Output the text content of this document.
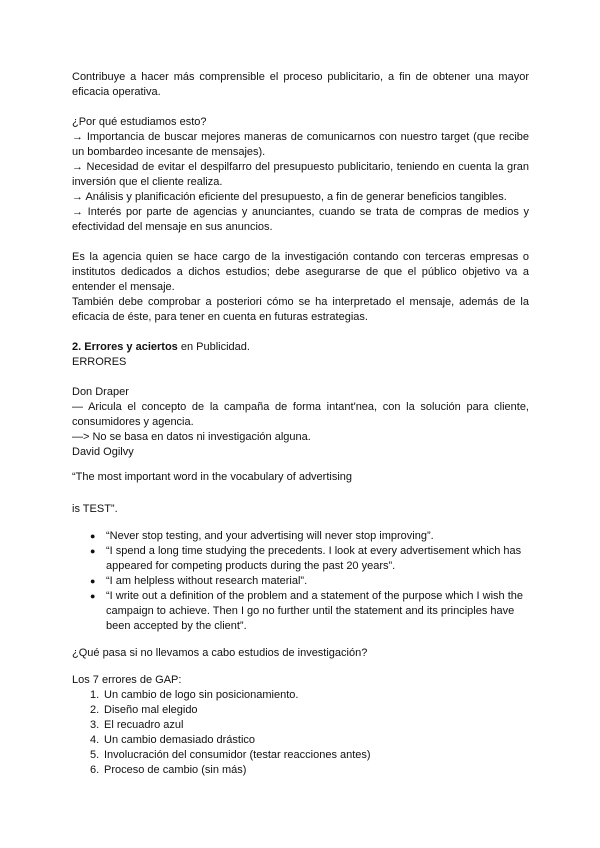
Contribuye a hacer más comprensible el proceso publicitario, a fin de obtener una mayor eficacia operativa.

¿Por qué estudiamos esto?

→ Importancia de buscar mejores maneras de comunicarnos con nuestro target (que recibe un bombardeo incesante de mensajes).

→ Necesidad de evitar el despilfarro del presupuesto publicitario, teniendo en cuenta la gran inversión que el cliente realiza.

→ Análisis y planificación eficiente del presupuesto, a fin de generar beneficios tangibles.

→ Interés por parte de agencias y anunciantes, cuando se trata de compras de medios y efectividad del mensaje en sus anuncios.

Es la agencia quien se hace cargo de la investigación contando con terceras empresas o institutos dedicados a dichos estudios; debe asegurarse de que el público objetivo va a entender el mensaje.

También debe comprobar a posteriori cómo se ha interpretado el mensaje, además de la eficacia de éste, para tener en cuenta en futuras estrategias.

2. Errores y aciertos en Publicidad.

ERRORES

Don Draper

— Aricula el concepto de la campaña de forma intant'nea, con la solución para cliente, consumidores y agencia.

—> No se basa en datos ni investigación alguna.

David Ogilvy

“The most important word in the vocabulary of advertising

is TEST”.

● “Never stop testing, and your advertising will never stop improving”.
● “I spend a long time studying the precedents. I look at every advertisement which has appeared for competing products during the past 20 years”.
● “I am helpless without research material”.
● “I write out a definition of the problem and a statement of the purpose which I wish the campaign to achieve. Then I go no further until the statement and its principles have been accepted by the client”.

¿Qué pasa si no llevamos a cabo estudios de investigación?

Los 7 errores de GAP:

1. Un cambio de logo sin posicionamiento.
2. Diseño mal elegido
3. El recuadro azul
4. Un cambio demasiado drástico
5. Involucración del consumidor (testar reacciones antes)
6. Proceso de cambio (sin más)
